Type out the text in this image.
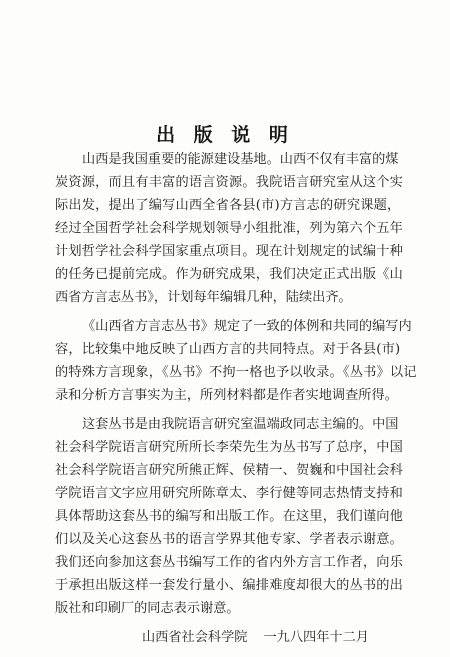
出 版 说 明
山西是我国重要的能源建设基地。山西不仅有丰富的煤
炭资源，而且有丰富的语言资源。我院语言研究室从这个实
际出发，提出了编写山西全省各县(市)方言志的研究课题，
经过全国哲学社会科学规划领导小组批准，列为第六个五年
计划哲学社会科学国家重点项目。现在计划规定的试编十种
的任务已提前完成。作为研究成果，我们决定正式出版《山
西省方言志丛书》，计划每年编辑几种，陆续出齐。
《山西省方言志丛书》规定了一致的体例和共同的编写内
容，比较集中地反映了山西方言的共同特点。对于各县(市)
的特殊方言现象，《丛书》不拘一格也予以收录。《丛书》以记
录和分析方言事实为主，所列材料都是作者实地调查所得。
这套丛书是由我院语言研究室温端政同志主编的。中国
社会科学院语言研究所所长李荣先生为丛书写了总序，中国
社会科学院语言研究所熊正辉、侯精一、贺巍和中国社会科
学院语言文字应用研究所陈章太、李行健等同志热情支持和
具体帮助这套丛书的编写和出版工作。在这里，我们谨向他
们以及关心这套丛书的语言学界其他专家、学者表示谢意。
我们还向参加这套丛书编写工作的省内外方言工作者，向乐
于承担出版这样一套发行量小、编排难度却很大的丛书的出
版社和印刷厂的同志表示谢意。
山西省社会科学院 一九八四年十二月
